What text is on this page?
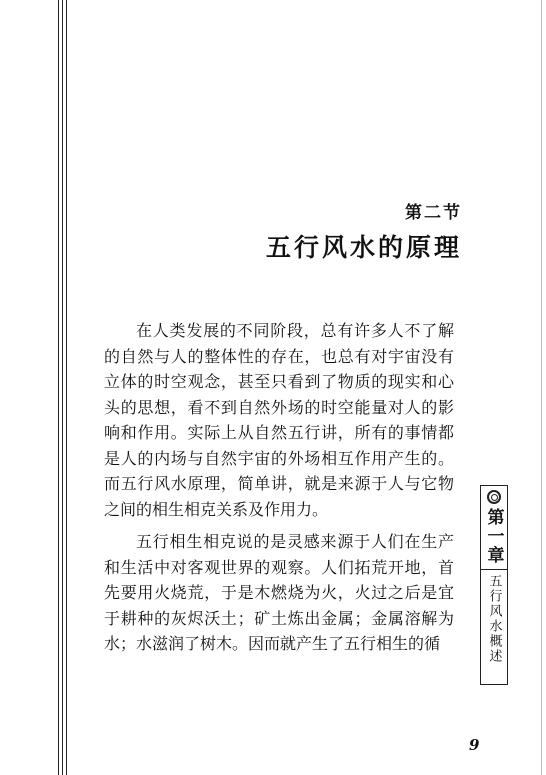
第二节
五行风水的原理

在人类发展的不同阶段，总有许多人不了解的自然与人的整体性的存在，也总有对宇宙没有立体的时空观念，甚至只看到了物质的现实和心头的思想，看不到自然外场的时空能量对人的影响和作用。实际上从自然五行讲，所有的事情都是人的内场与自然宇宙的外场相互作用产生的。而五行风水原理，简单讲，就是来源于人与它物之间的相生相克关系及作用力。

五行相生相克说的是灵感来源于人们在生产和生活中对客观世界的观察。人们拓荒开地，首先要用火烧荒，于是木燃烧为火，火过之后是宜于耕种的灰烬沃土；矿土炼出金属；金属溶解为水；水滋润了树木。因而就产生了五行相生的循

第一章
五行风水概述
9
